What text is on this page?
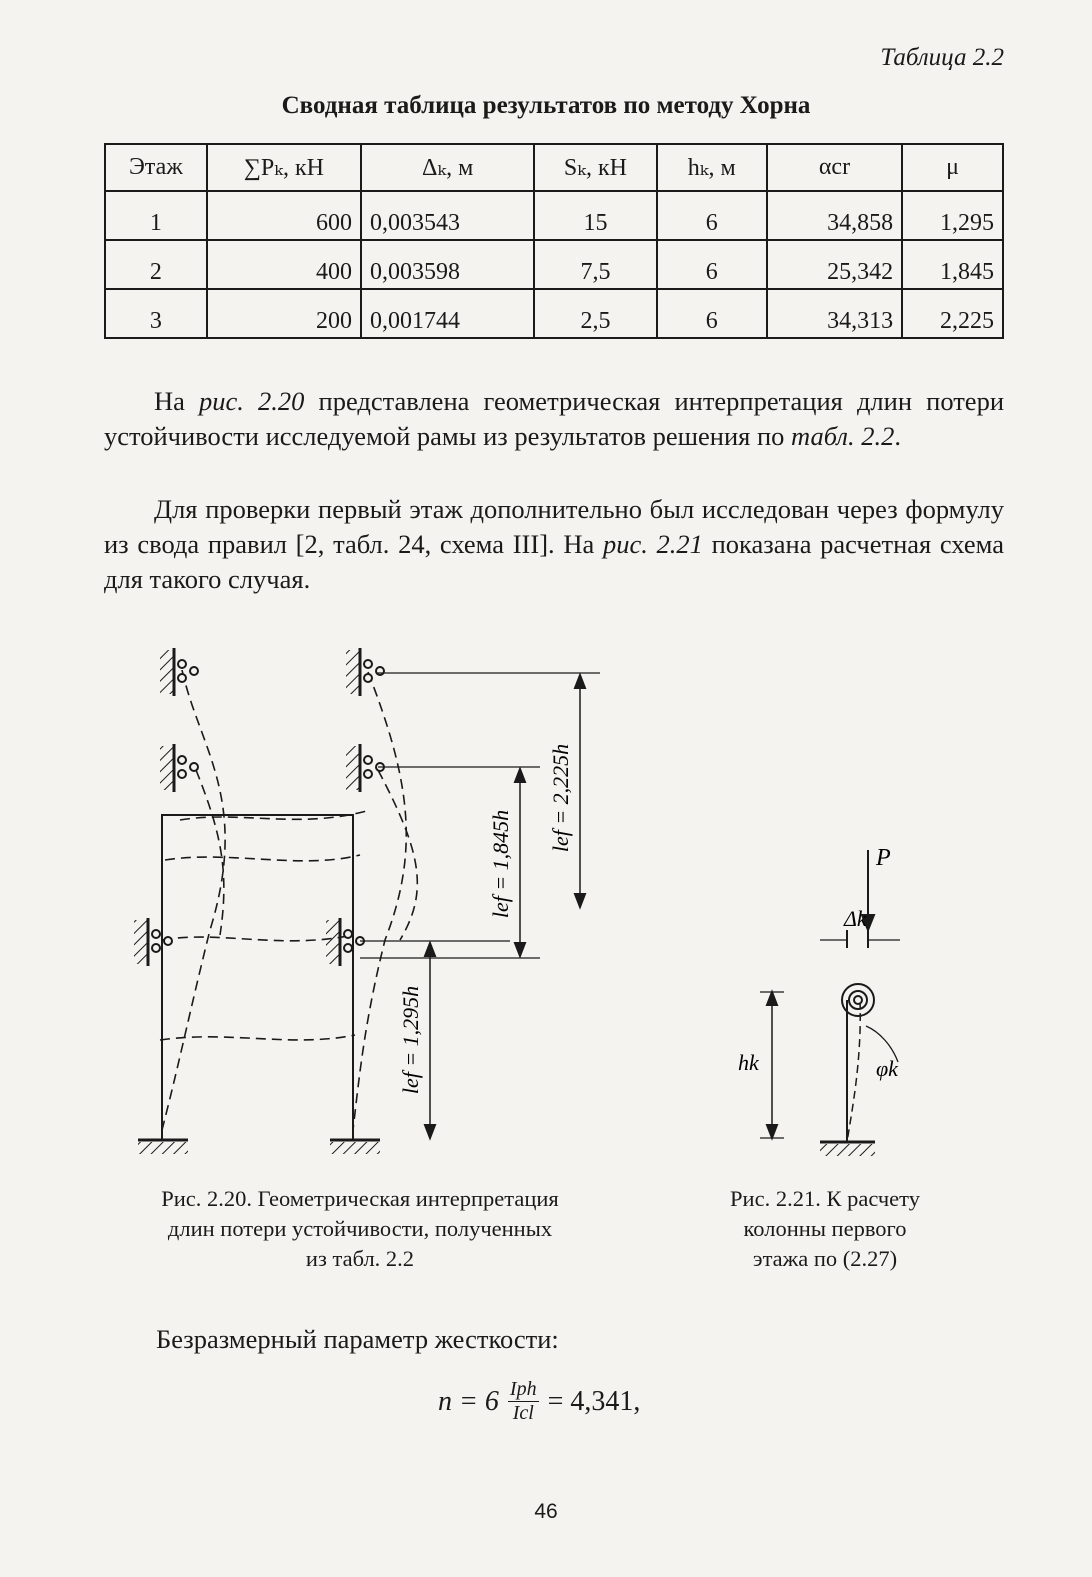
Таблица 2.2
Сводная таблица результатов по методу Хорна
Этаж	∑Pₖ, кН	Δₖ, м	Sₖ, кН	hₖ, м	αcr	μ
1	600	0,003543	15	6	34,858	1,295
2	400	0,003598	7,5	6	25,342	1,845
3	200	0,001744	2,5	6	34,313	2,225
На рис. 2.20 представлена геометрическая интерпретация длин потери устойчивости исследуемой рамы из результатов решения по табл. 2.2.
Для проверки первый этаж дополнительно был исследован через формулу из свода правил [2, табл. 24, схема III]. На рис. 2.21 показана расчетная схема для такого случая.
lef = 2,225h
lef = 1,845h
lef = 1,295h
P
Δk
hk	φk
Рис. 2.20. Геометрическая интерпретация
длин потери устойчивости, полученных
из табл. 2.2
Рис. 2.21. К расчету
колонны первого
этажа по (2.27)
Безразмерный параметр жесткости:
n = 6 Iph
Icl = 4,341,
46
